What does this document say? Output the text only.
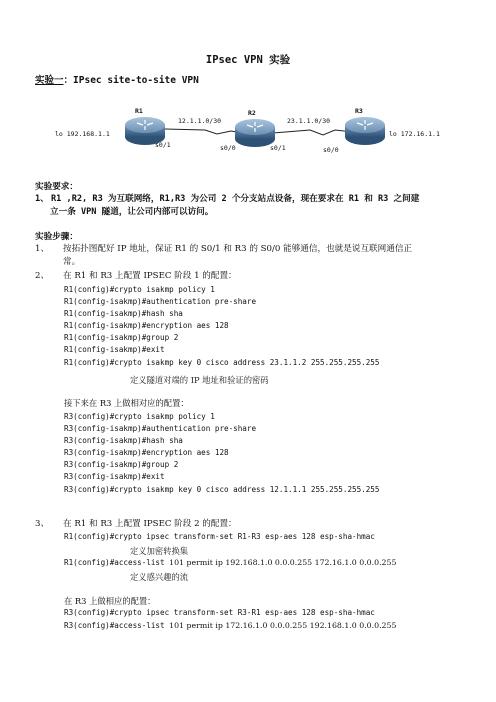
IPsec VPN 实验
实验一：IPsec site-to-site VPN
R1	R2	R3
12.1.1.0/30	23.1.1.0/30
lo 192.168.1.1	lo 172.16.1.1
s0/1	s0/0	s0/1	s0/0
实验要求：
1、 R1 ,R2, R3 为互联网络，R1,R3 为公司 2 个分支站点设备，现在要求在 R1 和 R3 之间建
立一条 VPN 隧道，让公司内部可以访问。
实验步骤：
1、 按拓扑图配好 IP 地址，保证 R1 的 S0/1 和 R3 的 S0/0 能够通信，也就是说互联网通信正
常。
2、 在 R1 和 R3 上配置 IPSEC 阶段 1 的配置：
R1(config)#crypto isakmp policy 1
R1(config-isakmp)#authentication pre-share
R1(config-isakmp)#hash sha
R1(config-isakmp)#encryption aes 128
R1(config-isakmp)#group 2
R1(config-isakmp)#exit
R1(config)#crypto isakmp key 0 cisco address 23.1.1.2 255.255.255.255
定义隧道对端的 IP 地址和验证的密码
接下来在 R3 上做相对应的配置：
R3(config)#crypto isakmp policy 1
R3(config-isakmp)#authentication pre-share
R3(config-isakmp)#hash sha
R3(config-isakmp)#encryption aes 128
R3(config-isakmp)#group 2
R3(config-isakmp)#exit
R3(config)#crypto isakmp key 0 cisco address 12.1.1.1 255.255.255.255
3、 在 R1 和 R3 上配置 IPSEC 阶段 2 的配置：
R1(config)#crypto ipsec transform-set R1-R3 esp-aes 128 esp-sha-hmac
定义加密转换集
R1(config)#access-list 101 permit ip 192.168.1.0 0.0.0.255 172.16.1.0 0.0.0.255
定义感兴趣的流
在 R3 上做相应的配置：
R3(config)#crypto ipsec transform-set R3-R1 esp-aes 128 esp-sha-hmac
R3(config)#access-list 101 permit ip 172.16.1.0 0.0.0.255 192.168.1.0 0.0.0.255
